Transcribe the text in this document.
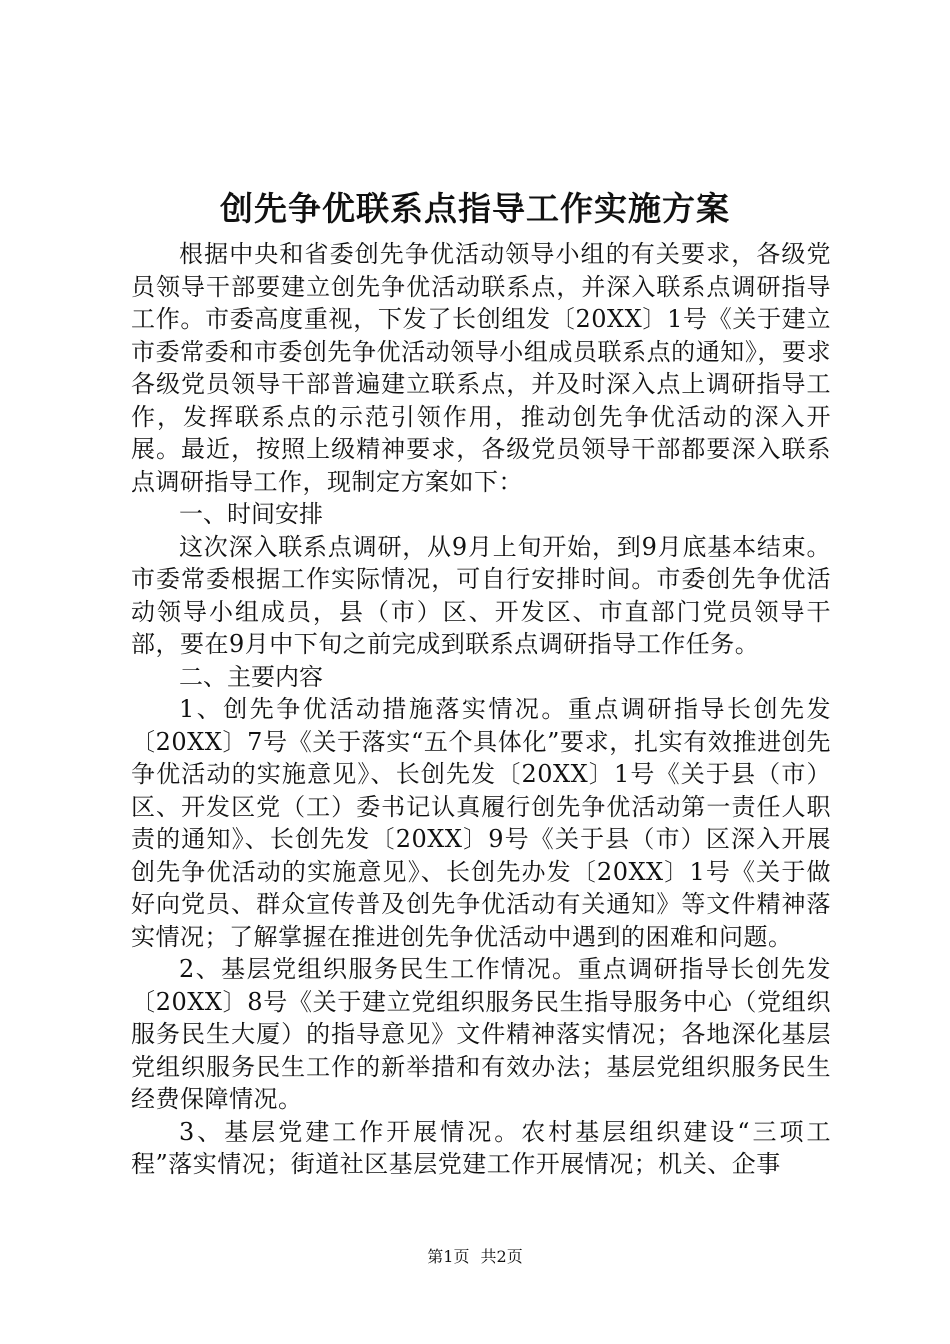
创先争优联系点指导工作实施方案

根据中央和省委创先争优活动领导小组的有关要求，各级党员领导干部要建立创先争优活动联系点，并深入联系点调研指导工作。市委高度重视，下发了长创组发〔20XX〕1号《关于建立市委常委和市委创先争优活动领导小组成员联系点的通知》，要求各级党员领导干部普遍建立联系点，并及时深入点上调研指导工作，发挥联系点的示范引领作用，推动创先争优活动的深入开展。最近，按照上级精神要求，各级党员领导干部都要深入联系点调研指导工作，现制定方案如下：

一、时间安排

这次深入联系点调研，从9月上旬开始，到9月底基本结束。市委常委根据工作实际情况，可自行安排时间。市委创先争优活动领导小组成员，县（市）区、开发区、市直部门党员领导干部，要在9月中下旬之前完成到联系点调研指导工作任务。

二、主要内容

1、创先争优活动措施落实情况。重点调研指导长创先发〔20XX〕7号《关于落实“五个具体化”要求，扎实有效推进创先争优活动的实施意见》、长创先发〔20XX〕1号《关于县（市）区、开发区党（工）委书记认真履行创先争优活动第一责任人职责的通知》、长创先发〔20XX〕9号《关于县（市）区深入开展创先争优活动的实施意见》、长创先办发〔20XX〕1号《关于做好向党员、群众宣传普及创先争优活动有关通知》等文件精神落实情况；了解掌握在推进创先争优活动中遇到的困难和问题。

2、基层党组织服务民生工作情况。重点调研指导长创先发〔20XX〕8号《关于建立党组织服务民生指导服务中心（党组织服务民生大厦）的指导意见》文件精神落实情况；各地深化基层党组织服务民生工作的新举措和有效办法；基层党组织服务民生经费保障情况。

3、基层党建工作开展情况。农村基层组织建设“三项工程”落实情况；街道社区基层党建工作开展情况；机关、企事

第1页 共2页
